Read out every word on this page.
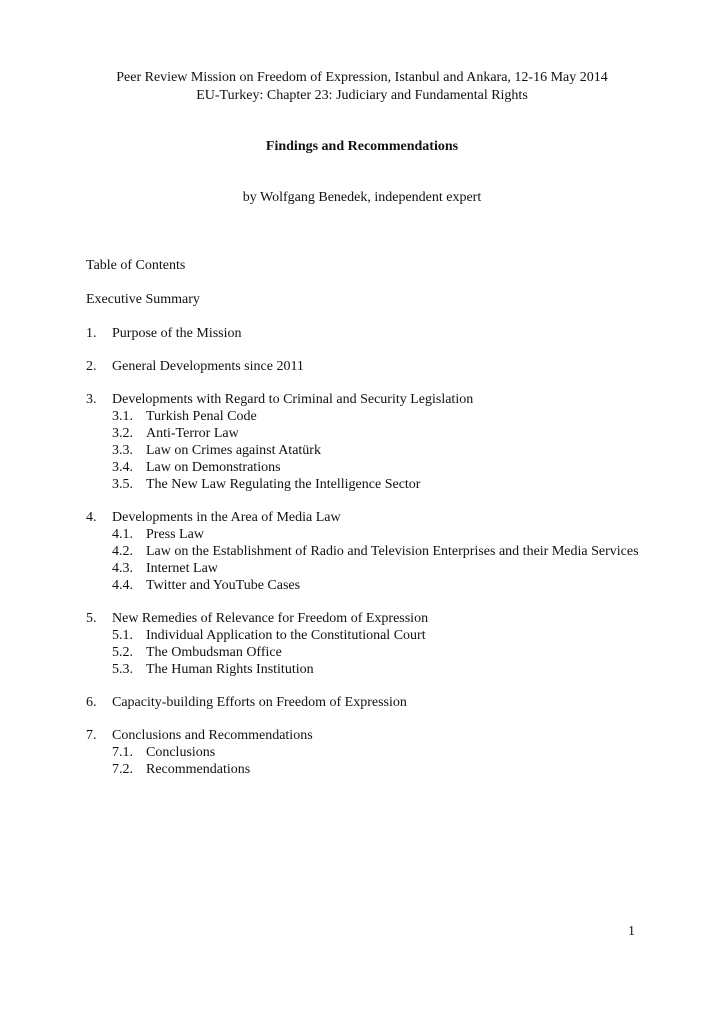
Peer Review Mission on Freedom of Expression, Istanbul and Ankara, 12-16 May 2014
EU-Turkey: Chapter 23: Judiciary and Fundamental Rights
Findings and Recommendations
by Wolfgang Benedek, independent expert
Table of Contents
Executive Summary
1.	Purpose of the Mission
2.	General Developments since 2011
3.	Developments with Regard to Criminal and Security Legislation
3.1. Turkish Penal Code
3.2. Anti-Terror Law
3.3. Law on Crimes against Atatürk
3.4. Law on Demonstrations
3.5. The New Law Regulating the Intelligence Sector
4.	Developments in the Area of Media Law
4.1. Press Law
4.2. Law on the Establishment of Radio and Television Enterprises and their Media Services
4.3. Internet Law
4.4. Twitter and YouTube Cases
5.	New Remedies of Relevance for Freedom of Expression
5.1. Individual Application to the Constitutional Court
5.2. The Ombudsman Office
5.3. The Human Rights Institution
6.	Capacity-building Efforts on Freedom of Expression
7.	Conclusions and Recommendations
7.1. Conclusions
7.2. Recommendations
1
